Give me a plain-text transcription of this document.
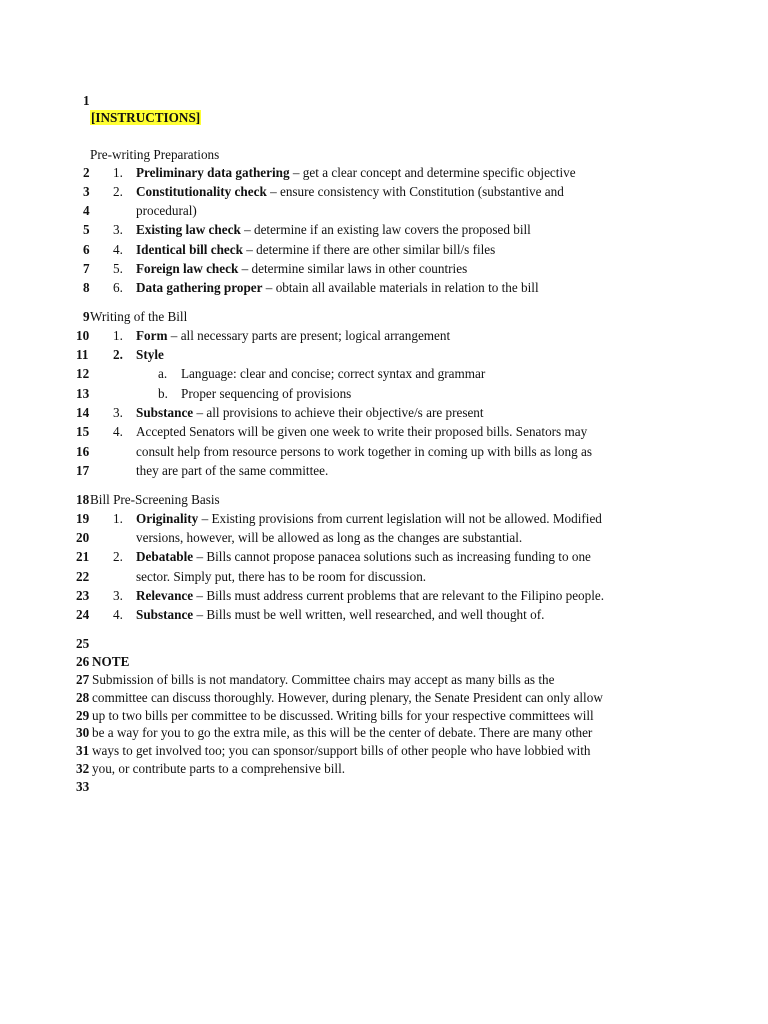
1
[INSTRUCTIONS]
Pre-writing Preparations
2 1. Preliminary data gathering – get a clear concept and determine specific objective
3 2. Constitutionality check – ensure consistency with Constitution (substantive and
4	procedural)
5 3. Existing law check – determine if an existing law covers the proposed bill
6 4. Identical bill check – determine if there are other similar bill/s files
7 5. Foreign law check – determine similar laws in other countries
8 6. Data gathering proper – obtain all available materials in relation to the bill
9 Writing of the Bill
10 1. Form – all necessary parts are present; logical arrangement
11 2. Style
12	a. Language: clear and concise; correct syntax and grammar
13	b. Proper sequencing of provisions
14 3. Substance – all provisions to achieve their objective/s are present
15 4. Accepted Senators will be given one week to write their proposed bills. Senators may
16	consult help from resource persons to work together in coming up with bills as long as
17	they are part of the same committee.
18 Bill Pre-Screening Basis
19 1. Originality – Existing provisions from current legislation will not be allowed. Modified
20	versions, however, will be allowed as long as the changes are substantial.
21 2. Debatable – Bills cannot propose panacea solutions such as increasing funding to one
22	sector. Simply put, there has to be room for discussion.
23 3. Relevance – Bills must address current problems that are relevant to the Filipino people.
24 4. Substance – Bills must be well written, well researched, and well thought of.
25
26 NOTE
27 Submission of bills is not mandatory. Committee chairs may accept as many bills as the
28 committee can discuss thoroughly. However, during plenary, the Senate President can only allow
29 up to two bills per committee to be discussed. Writing bills for your respective committees will
30 be a way for you to go the extra mile, as this will be the center of debate. There are many other
31 ways to get involved too; you can sponsor/support bills of other people who have lobbied with
32 you, or contribute parts to a comprehensive bill.
33
